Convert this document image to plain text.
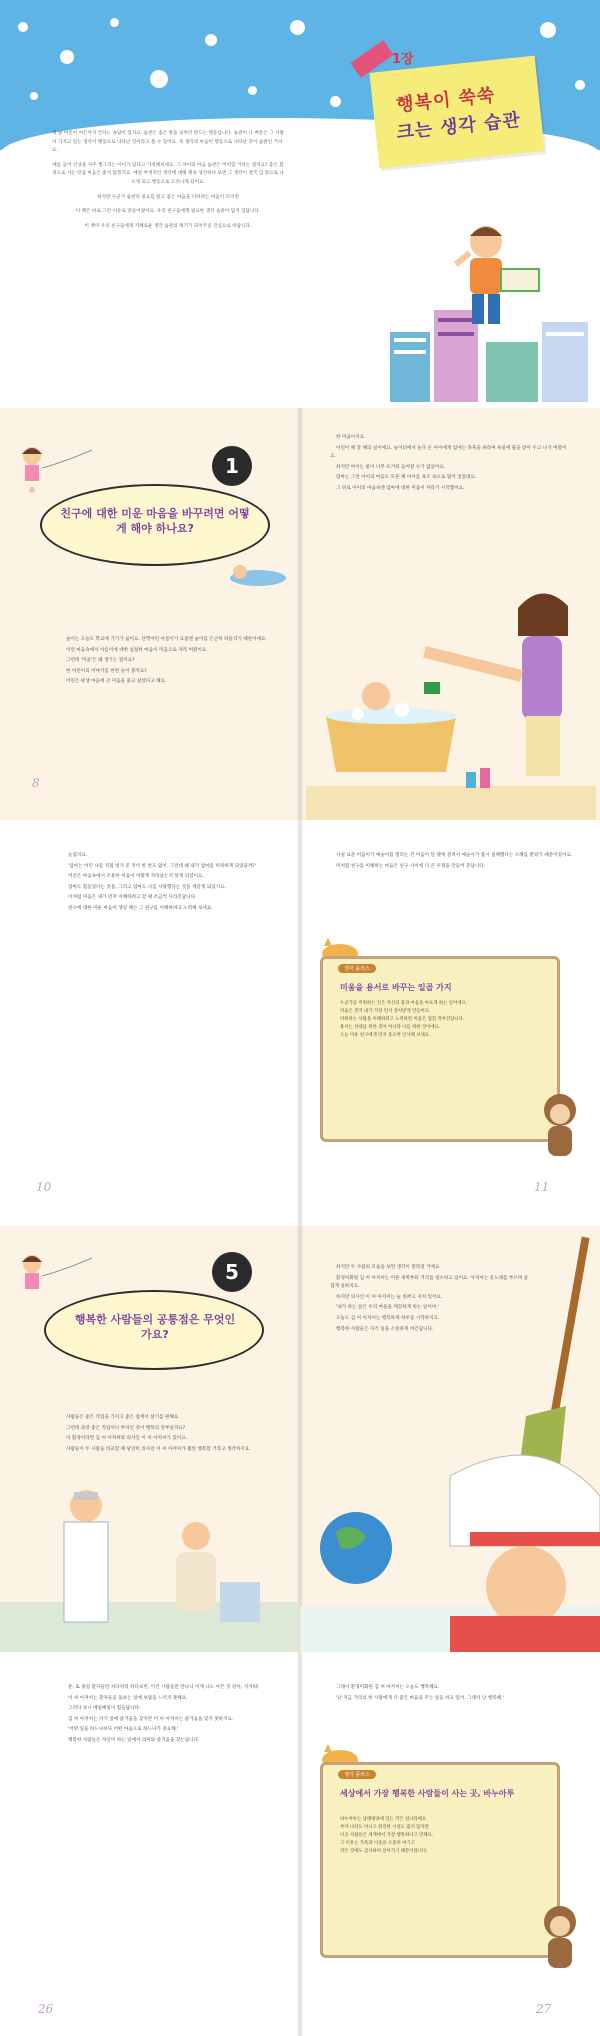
1장
행복이 쑥쑥
크는 생각 습관

세 살 버릇이 여든까지 간다는 속담이 있지요. 습관은 좋은 방을 일부러 만드는 행동입니다. 습관이 나 버릇은 그 사람이 가지고 있는 생각이 행동으로 나타난 것이라고 볼 수 있어요. 즉 생각과 마음이 행동으로 나타난 것이 습관인 거지요.

예를 들어 인상을 자주 찡그리는 아이가 있다고 가정해보세요. 그 아이의 마음 습관은 어떠할 거라는 걸까요? 좋은 환경으로 사는 만큼 마음은 좋지 않겠지요. 매일 부정적인 생각에 대해 계속 생각하다 보면 그 생각이 결국 입 밖으로 나오게 되고 행동으로 드러나게 되어요.

하지만 누군가 습관의 필요를 알고 좋은 마음을 더하려는 마음이 모이면

이 책은 바로 그런 이유로 만들어졌어요. 우리 친구들에게 필요한 생각 습관이 담겨 있답니다.

이 책이 우리 친구들에게 지혜로운 생각 습관의 계기가 되어주길 진심으로 바랍니다.

1
친구에 대한 미운 마음을 바꾸려면 어떻게 해야 하나요?

슬이는 오늘도 학교에 가기가 싫어요. 단짝이던 아름이가 요즘엔 슬이를 은근히 따돌리기 때문이에요.

이런 마음속에서 아름이에 대한 섭섭한 마음이 미움으로 자라 버렸어요.

그런데 '미움'은 왜 생기는 걸까요?

한 어린이의 이야기를 한번 들어 볼까요?

어린은 평생 마음에 큰 미움을 품고 살았다고 해요.

8

한 미움이지요.

어린이 때 잘 때의 일이에요. 놀이터에서 놀다 온 아이에게 엄마는 목욕을 하라며 욕실에 물을 받아 두고 나가 버렸어요.

하지만 아이는 물이 너무 뜨거워 들어갈 수가 없었어요.

엄마는 그런 아이의 마음도 모른 채 아이를 욕조 속으로 밀어 넣었대요.

그 뒤로 아이의 마음속엔 엄마에 대한 미움이 자라기 시작했어요.

늘었지요.

'엄마는 어린 나를 직접 벗겨 준 적이 한 번도 없어. 그런데 왜 내가 엄마를 미워하게 되었을까?'

어린은 마음속에서 조용한 미움이 어떻게 자라났는지 알게 되었어요.

엄마도 힘들었다는 것을, 그리고 엄마도 나를 사랑했다는 것을 깨닫게 되었지요.

이처럼 미움은 내가 먼저 이해하려고 할 때 조금씩 사라진답니다.

친구에 대한 미운 마음이 생길 때는 그 친구를 이해하려고 노력해 보세요.

10

사실 표준 미움이가 예술이를 멀리는 건 미움이 단 옛에 걸려서 예술이가 몹시 실패했다는 오해를 받았기 때문이었어요.

미처럼 친구를 이해하는 마음은 친구 사이에 더 큰 우정을 만들어 준답니다.

생각 플러스
미움을 용서로 바꾸는 일곱 가지
누군가를 미워하는 일은 자신의 몸과 마음을 아프게 하는 일이에요.
미움은 결국 내가 가장 먼저 상처받게 만들어요.
미워하는 사람을 이해하려고 노력하면 미움은 점점 작아진답니다.
용서는 상대를 위한 것이 아니라 나를 위한 것이에요.
오늘 미운 친구에게 먼저 웃으며 인사해 보세요.
11
5
행복한 사람들의 공통점은 무엇인가요?

사람들은 좋은 직업을 가지고 좋은 집에서 살기를 원해요.

그런데 과연 좋은 직업이나 부자인 것이 행복의 전부일까요?

이 환경이라면 김 씨 아저씨와 의사인 이 씨 아저씨가 있어요.

사람들이 두 사람을 비교할 때 당연히 의사인 이 씨 아저씨가 훨씬 행복할 거라고 생각하지요.

하지만 두 사람의 모습을 보면 생각이 달라질 거예요.

환경미화원 김 씨 아저씨는 이른 새벽부터 거리를 청소하고 있어요. 아저씨는 콧노래를 부르며 즐겁게 일하지요.

하지만 의사인 이 씨 아저씨는 늘 바쁘고 지쳐 있어요.

'내가 하는 일은 우리 마을을 깨끗하게 하는 일이야.'

오늘도 김 씨 아저씨는 행복하게 하루를 시작하지요.

행복한 사람들은 자기 일을 소중하게 여긴답니다.

흔, 또 종일 환자들만 치다꺼리 하다보면, 이건 사람들만 만나니 이게 나도 아픈 것 같아, 지겨워!

이 씨 아저씨는 환자들을 돌보는 일에 보람을 느끼지 못해요.

그러다 보니 매일매일이 힘들답니다.

김 씨 아저씨는 자기 일에 즐거움을 찾지만 이 씨 아저씨는 즐거움을 찾지 못하지요.

'어떤 일을 하느냐보다 어떤 마음으로 하느냐가 중요해.'

행복한 사람들은 자신이 하는 일에서 의미와 즐거움을 찾는답니다.

26

그래서 환경미화원 김 씨 아저씨는 오늘도 행복해요.

'난 지금 거리의 한 사람에게 더 좋은 마음을 주는 일을 하고 있어. 그래서 난 행복해.'

생각 플러스
세상에서 가장 행복한 사람들이 사는 곳, 바누아투
바누아투는 남태평양에 있는 작은 섬나라예요.
부자 나라도 아니고 편리한 시설도 많지 않지만
이곳 사람들은 세계에서 가장 행복하다고 말해요.
그 이유는 가족과 이웃을 소중히 여기고
작은 것에도 감사하며 살아가기 때문이랍니다.
27
